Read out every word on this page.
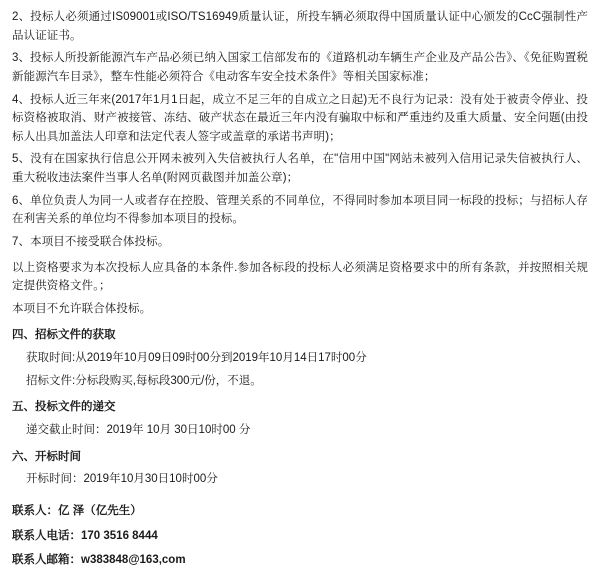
2、投标人必须通过IS09001或ISO/TS16949质量认证，所投车辆必须取得中国质量认证中心颁发的CcC强制性产品认证证书。

3、投标人所投新能源汽车产品必须已纳入国家工信部发布的《道路机动车辆生产企业及产品公告》、《免征购置税新能源汽车目录》，整车性能必须符合《电动客车安全技术条件》等相关国家标准；

4、投标人近三年来(2017年1月1日起，成立不足三年的自成立之日起)无不良行为记录：没有处于被责令停业、投标资格被取消、财产被接管、冻结、破产状态在最近三年内没有骗取中标和严重违约及重大质量、安全问题(由投标人出具加盖法人印章和法定代表人签字或盖章的承诺书声明)；

5、没有在国家执行信息公开网未被列入失信被执行人名单，在"信用中国"网站未被列入信用记录失信被执行人、重大税收违法案件当事人名单(附网页截图并加盖公章)；

6、单位负责人为同一人或者存在控股、管理关系的不同单位，不得同时参加本项目同一标段的投标；与招标人存在利害关系的单位均不得参加本项目的投标。

7、本项目不接受联合体投标。

以上资格要求为本次投标人应具备的本条件.参加各标段的投标人必须满足资格要求中的所有条款，并按照相关规定提供资格文件。；

本项目不允许联合体投标。

四、招标文件的获取

获取时间:从2019年10月09日09时00分到2019年10月14日17时00分

招标文件:分标段购买,每标段300元/份，不退。

五、投标文件的递交

递交截止时间：2019年 10月 30日10时00 分

六、开标时间

开标时间：2019年10月30日10时00分

联系人：亿 泽（亿先生）

联系人电话：170 3516 8444

联系人邮箱：w383848@163,com
